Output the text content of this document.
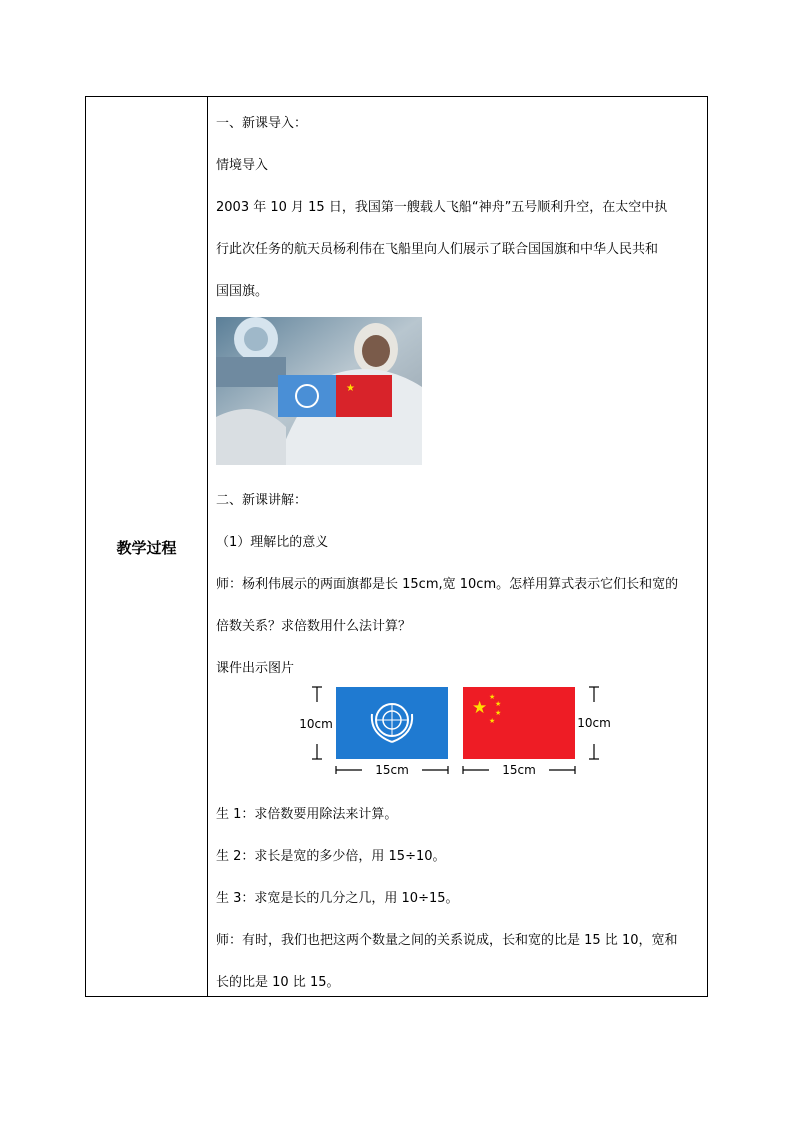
教学过程
一、新课导入：
情境导入
2003 年 10 月 15 日，我国第一艘载人飞船“神舟”五号顺利升空，在太空中执
行此次任务的航天员杨利伟在飞船里向人们展示了联合国国旗和中华人民共和
国国旗。
★
二、新课讲解：
（1）理解比的意义
师：杨利伟展示的两面旗都是长 15cm,宽 10cm。怎样用算式表示它们长和宽的
倍数关系？求倍数用什么法计算？
课件出示图片
★
★
★
★
★
10cm	10cm
15cm	15cm
生 1：求倍数要用除法来计算。
生 2：求长是宽的多少倍，用 15÷10。
生 3：求宽是长的几分之几，用 10÷15。
师：有时，我们也把这两个数量之间的关系说成，长和宽的比是 15 比 10，宽和
长的比是 10 比 15。
